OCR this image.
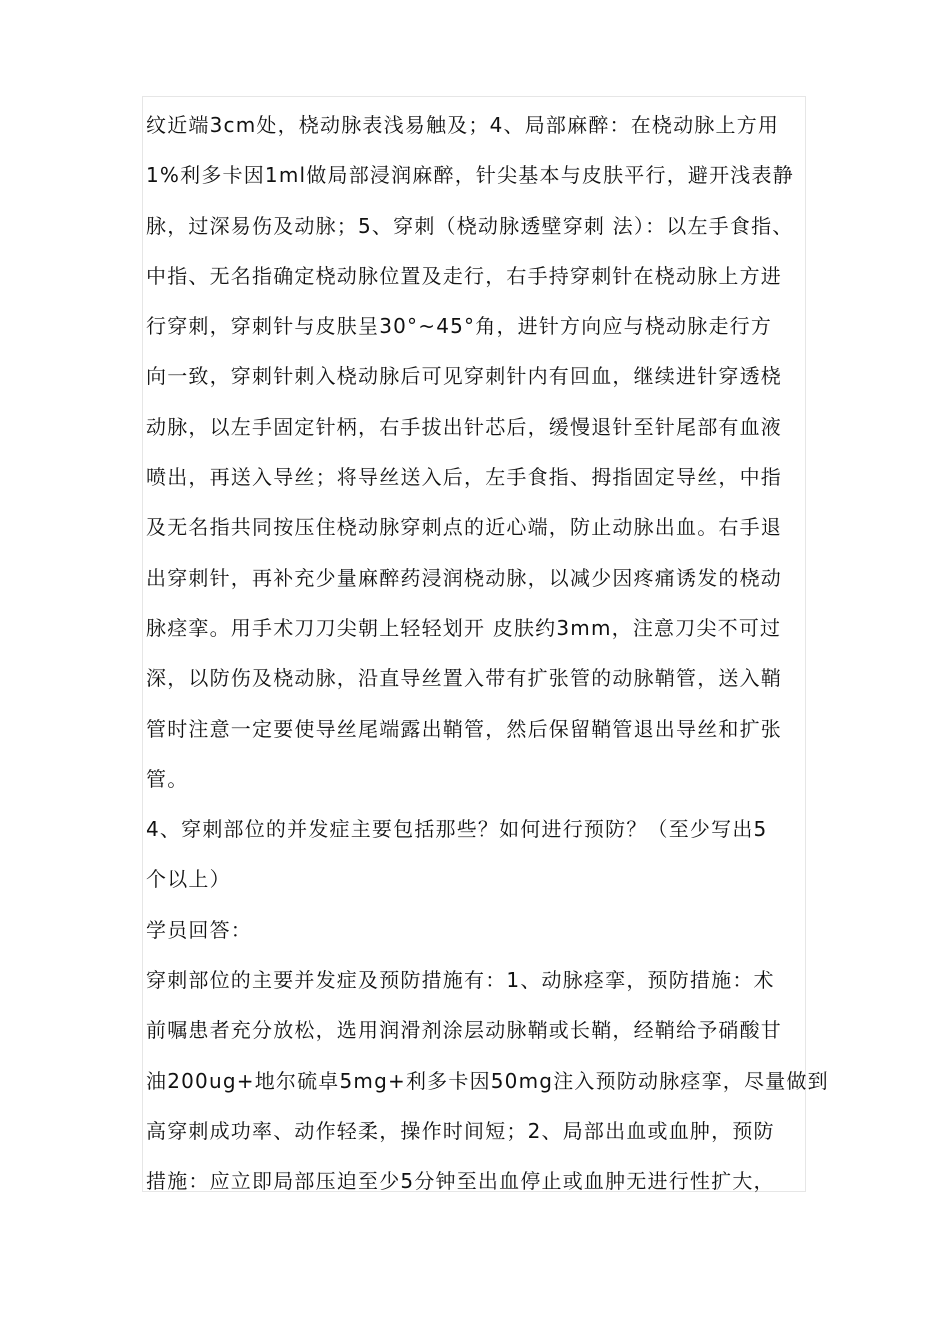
纹近端3cm处，桡动脉表浅易触及；4、局部麻醉：在桡动脉上方用
1%利多卡因1ml做局部浸润麻醉，针尖基本与皮肤平行，避开浅表静
脉，过深易伤及动脉；5、穿刺（桡动脉透壁穿刺 法）：以左手食指、
中指、无名指确定桡动脉位置及走行，右手持穿刺针在桡动脉上方进
行穿刺，穿刺针与皮肤呈30°~45°角，进针方向应与桡动脉走行方
向一致，穿刺针刺入桡动脉后可见穿刺针内有回血，继续进针穿透桡
动脉，以左手固定针柄，右手拔出针芯后，缓慢退针至针尾部有血液
喷出，再送入导丝；将导丝送入后，左手食指、拇指固定导丝，中指
及无名指共同按压住桡动脉穿刺点的近心端，防止动脉出血。右手退
出穿刺针，再补充少量麻醉药浸润桡动脉，以减少因疼痛诱发的桡动
脉痉挛。用手术刀刀尖朝上轻轻划开 皮肤约3mm，注意刀尖不可过
深，以防伤及桡动脉，沿直导丝置入带有扩张管的动脉鞘管，送入鞘
管时注意一定要使导丝尾端露出鞘管，然后保留鞘管退出导丝和扩张
管。
4、穿刺部位的并发症主要包括那些？如何进行预防？（至少写出5
个以上）
学员回答：
穿刺部位的主要并发症及预防措施有：1、动脉痉挛，预防措施：术
前嘱患者充分放松，选用润滑剂涂层动脉鞘或长鞘，经鞘给予硝酸甘
油200ug+地尔硫卓5mg+利多卡因50mg注入预防动脉痉挛，尽量做到
高穿刺成功率、动作轻柔，操作时间短；2、局部出血或血肿，预防
措施：应立即局部压迫至少5分钟至出血停止或血肿无进行性扩大，
